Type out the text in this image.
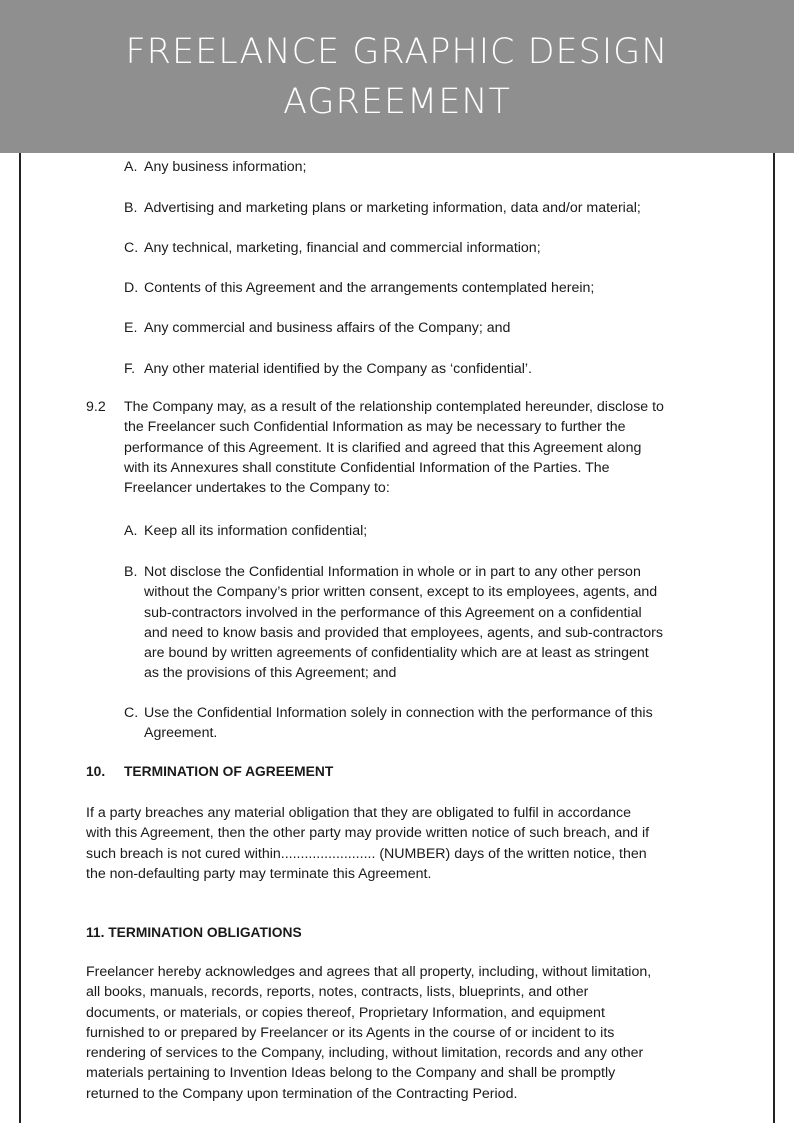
FREELANCE GRAPHIC DESIGN
AGREEMENT
A. Any business information;
B. Advertising and marketing plans or marketing information, data and/or material;
C. Any technical, marketing, financial and commercial information;
D. Contents of this Agreement and the arrangements contemplated herein;
E. Any commercial and business affairs of the Company; and
F. Any other material identified by the Company as ‘confidential’.
9.2 The Company may, as a result of the relationship contemplated hereunder, disclose to
the Freelancer such Confidential Information as may be necessary to further the
performance of this Agreement. It is clarified and agreed that this Agreement along
with its Annexures shall constitute Confidential Information of the Parties. The
Freelancer undertakes to the Company to:
A. Keep all its information confidential;
B. Not disclose the Confidential Information in whole or in part to any other person
without the Company’s prior written consent, except to its employees, agents, and
sub-contractors involved in the performance of this Agreement on a confidential
and need to know basis and provided that employees, agents, and sub-contractors
are bound by written agreements of confidentiality which are at least as stringent
as the provisions of this Agreement; and
C. Use the Confidential Information solely in connection with the performance of this
Agreement.
10. TERMINATION OF AGREEMENT
If a party breaches any material obligation that they are obligated to fulfil in accordance
with this Agreement, then the other party may provide written notice of such breach, and if
such breach is not cured within........................ (NUMBER) days of the written notice, then
the non-defaulting party may terminate this Agreement.
11. TERMINATION OBLIGATIONS
Freelancer hereby acknowledges and agrees that all property, including, without limitation,
all books, manuals, records, reports, notes, contracts, lists, blueprints, and other
documents, or materials, or copies thereof, Proprietary Information, and equipment
furnished to or prepared by Freelancer or its Agents in the course of or incident to its
rendering of services to the Company, including, without limitation, records and any other
materials pertaining to Invention Ideas belong to the Company and shall be promptly
returned to the Company upon termination of the Contracting Period.
